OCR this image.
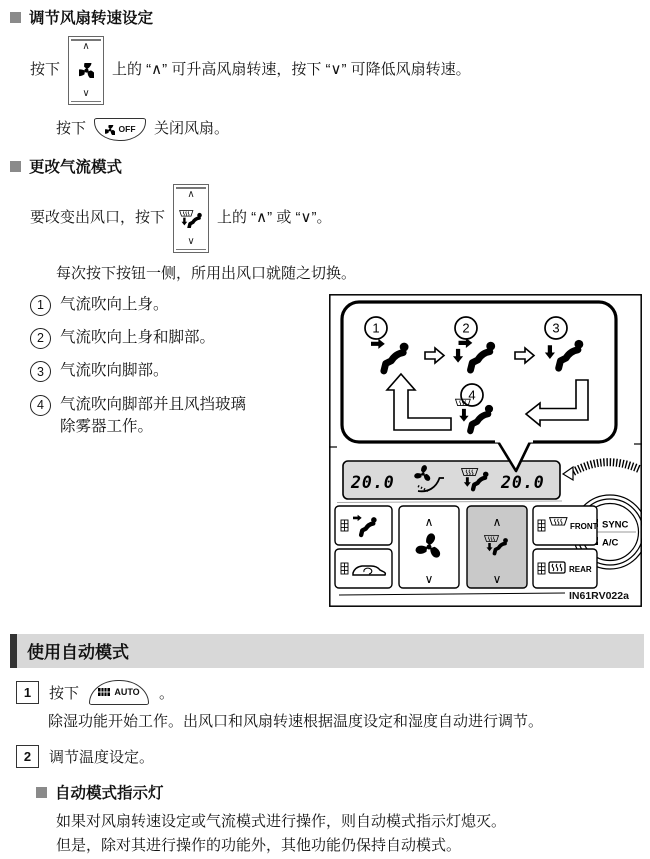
调节风扇转速设定
按下
∧
∨
上的 “∧” 可升高风扇转速，按下 “∨” 可降低风扇转速。
按下	OFF 关闭风扇。
更改气流模式
要改变出风口，按下
∧
∨
上的 “∧” 或 “∨”。
每次按下按钮一侧，所用出风口就随之切换。
1	气流吹向上身。
2	气流吹向上身和脚部。
3	气流吹向脚部。
4	气流吹向脚部并且风挡玻璃
除雾器工作。
20.0	20.0
SYNC
A/C
∧
∨
∧
∨
FRONT
REAR
IN61RV022a
1	2	3
4
使用自动模式
1	按下	AUTO 。
除湿功能开始工作。出风口和风扇转速根据温度设定和湿度自动进行调节。
2	调节温度设定。
自动模式指示灯
如果对风扇转速设定或气流模式进行操作，则自动模式指示灯熄灭。
但是，除对其进行操作的功能外，其他功能仍保持自动模式。
